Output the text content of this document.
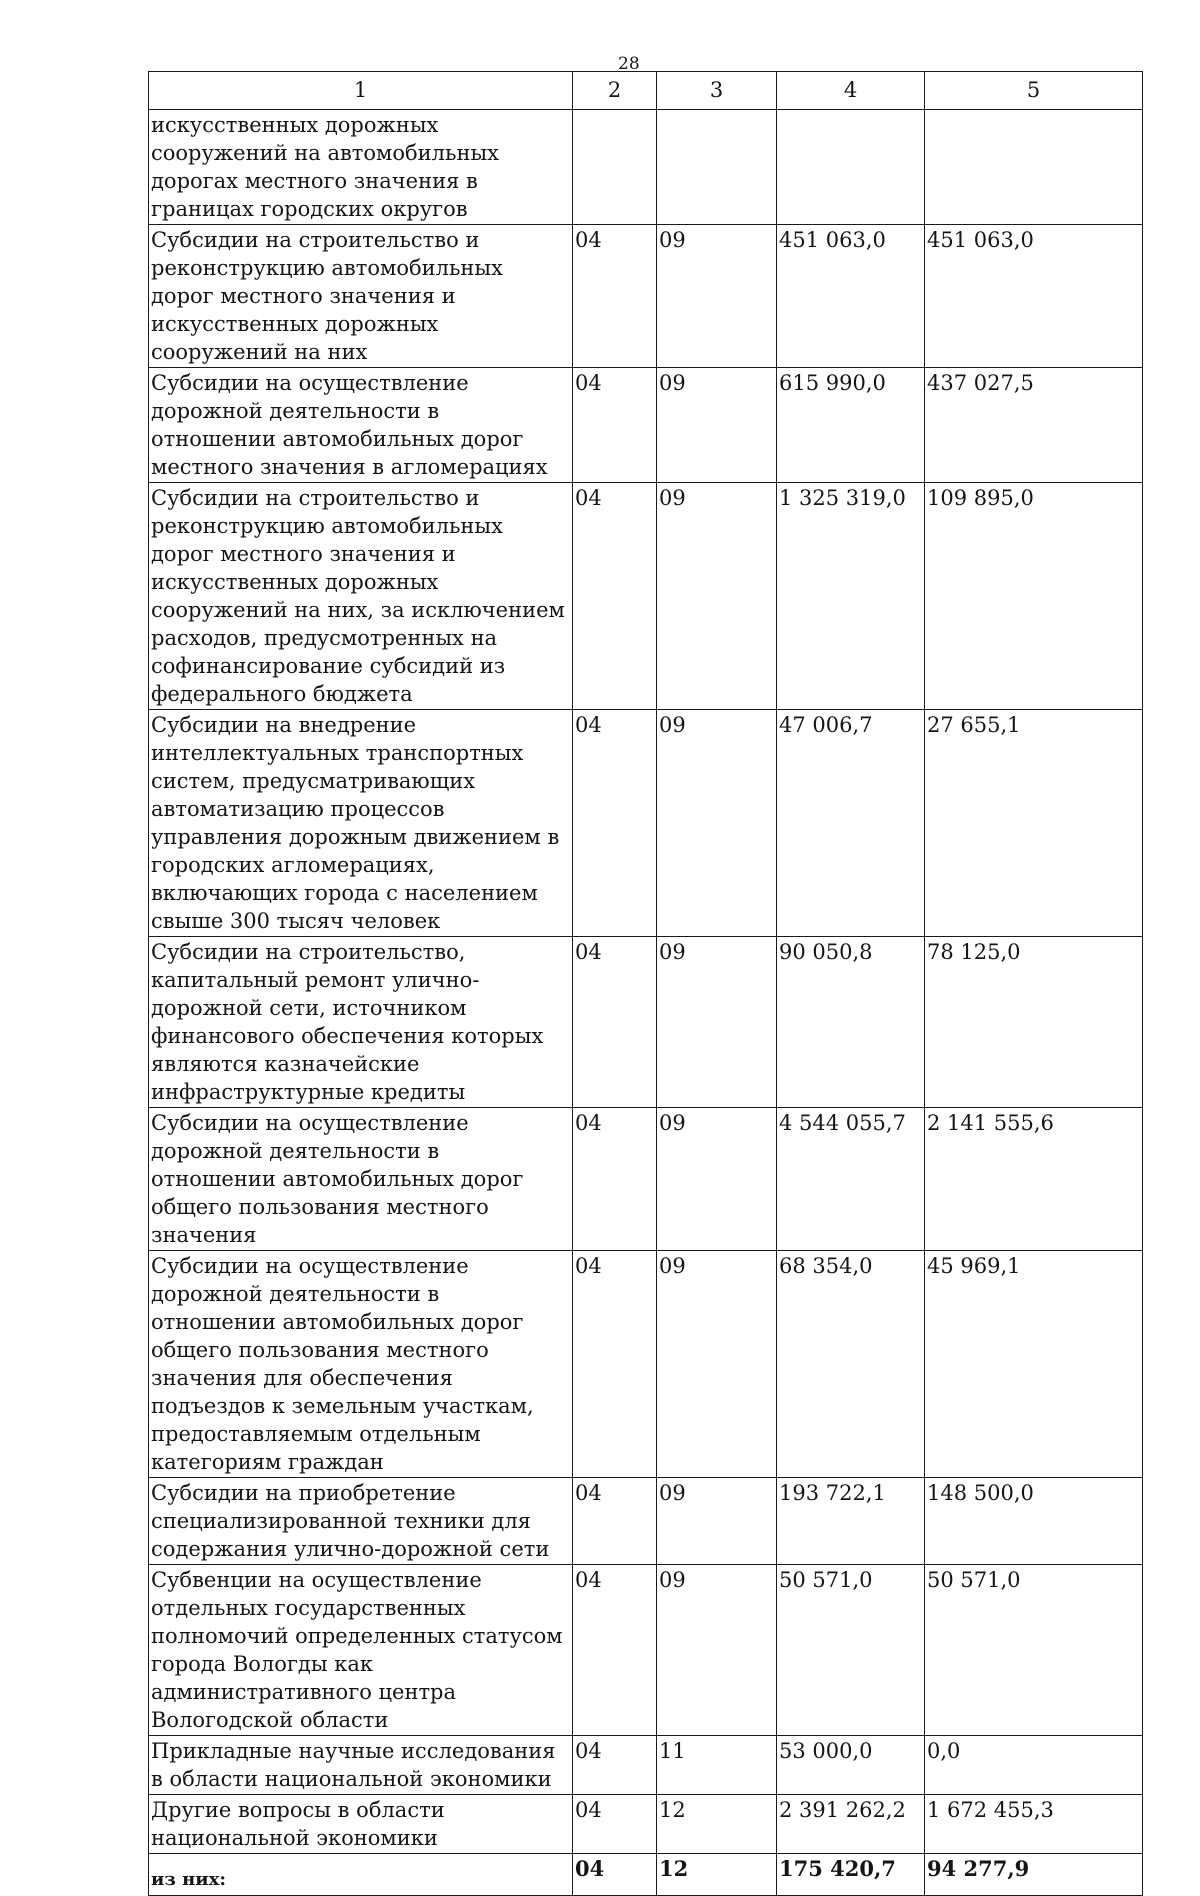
28
1	2	3	4	5
искусственных дорожных сооружений на автомобильных дорогах местного значения в границах городских округов				
Субсидии на строительство и реконструкцию автомобильных дорог местного значения и искусственных дорожных сооружений на них	04	09	451 063,0	451 063,0
Субсидии на осуществление дорожной деятельности в отношении автомобильных дорог местного значения в агломерациях	04	09	615 990,0	437 027,5
Субсидии на строительство и реконструкцию автомобильных дорог местного значения и искусственных дорожных сооружений на них, за исключением расходов, предусмотренных на софинансирование субсидий из федерального бюджета	04	09	1 325 319,0	109 895,0
Субсидии на внедрение интеллектуальных транспортных систем, предусматривающих автоматизацию процессов управления дорожным движением в городских агломерациях, включающих города с населением свыше 300 тысяч человек	04	09	47 006,7	27 655,1
Субсидии на строительство, капитальный ремонт улично-дорожной сети, источником финансового обеспечения которых являются казначейские инфраструктурные кредиты	04	09	90 050,8	78 125,0
Субсидии на осуществление дорожной деятельности в отношении автомобильных дорог общего пользования местного значения	04	09	4 544 055,7	2 141 555,6
Субсидии на осуществление дорожной деятельности в отношении автомобильных дорог общего пользования местного значения для обеспечения подъездов к земельным участкам, предоставляемым отдельным категориям граждан	04	09	68 354,0	45 969,1
Субсидии на приобретение специализированной техники для содержания улично-дорожной сети	04	09	193 722,1	148 500,0
Субвенции на осуществление отдельных государственных полномочий определенных статусом города Вологды как административного центра Вологодской области	04	09	50 571,0	50 571,0
Прикладные научные исследования в области национальной экономики	04	11	53 000,0	0,0
Другие вопросы в области национальной экономики	04	12	2 391 262,2	1 672 455,3
из них:	04	12	175 420,7	94 277,9
